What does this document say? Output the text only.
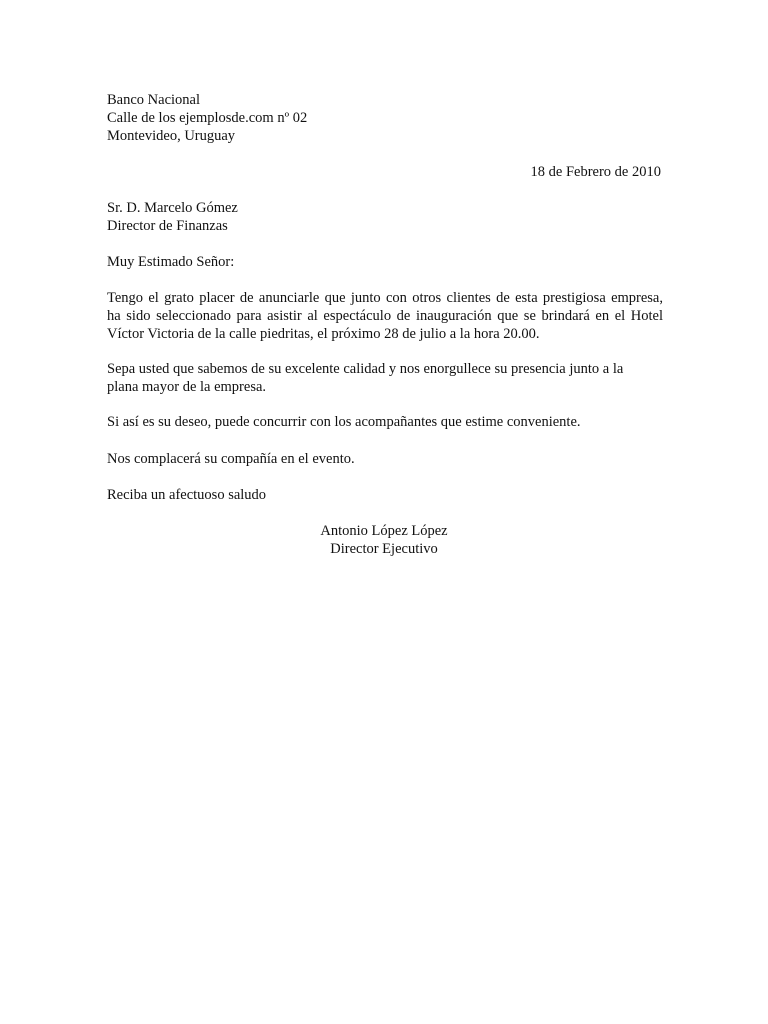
Banco Nacional
Calle de los ejemplosde.com nº 02
Montevideo, Uruguay
18 de Febrero de 2010
Sr. D. Marcelo Gómez
Director de Finanzas
Muy Estimado Señor:
Tengo el grato placer de anunciarle que junto con otros clientes de esta prestigiosa empresa,
ha sido seleccionado para asistir al espectáculo de inauguración que se brindará en el Hotel
Víctor Victoria de la calle piedritas, el próximo 28 de julio a la hora 20.00.
Sepa usted que sabemos de su excelente calidad y nos enorgullece su presencia junto a la
plana mayor de la empresa.
Si así es su deseo, puede concurrir con los acompañantes que estime conveniente.
Nos complacerá su compañía en el evento.
Reciba un afectuoso saludo
Antonio López López
Director Ejecutivo
